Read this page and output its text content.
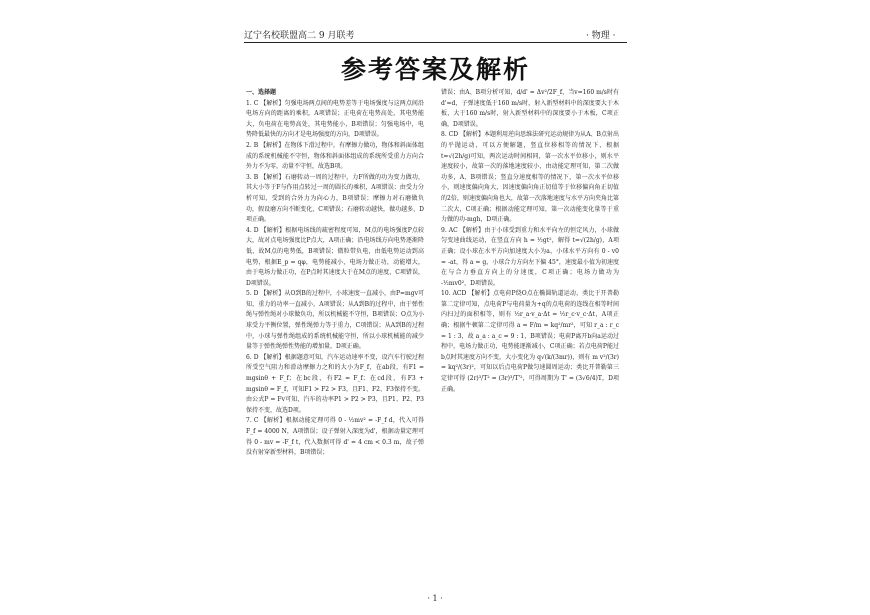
辽宁名校联盟高二 9 月联考	· 物理 ·
参考答案及解析

一、选择题

1. C 【解析】匀强电场两点间的电势差等于电场强度与这两点间沿电场方向的距离的乘积，A项错误；正电荷在电势高处，其电势能大，负电荷在电势高处，其电势能小，B项错误；匀强电场中，电势降低最快的方向才是电场强度的方向，D项错误。

2. B 【解析】在物体下滑过程中，有摩擦力做功，物体和斜面体组成的系统机械能不守恒，物体和斜面体组成的系统所受重力方向合外力不为零，动量不守恒，故选B项。

3. B 【解析】石磨转动一周的过程中，力F所做的功为变力做功，其大小等于F与作用点转过一周的圆长的乘积，A项错误；由受力分析可知，受到的合外力为向心力，B项错误；摩擦力对石磨做负功，假设磨方向不断变化，C项错误；石磨转动越快，做功越多，D项正确。

4. D 【解析】根据电场线的疏密程度可知，M点的电场强度P点较大，故对点电场强度比P点大，A项正确；沿电场线方向电势逐渐降低，故M点的电势低，B项错误；微粒带负电，由低电势运动到高电势，根据E_p = qφ，电势能减小，电场力做正功，动能增大，由于电场力做正功，在P点时其速度大于在M点的速度，C项错误，D项错误。

5. D 【解析】从O到B的过程中，小球速度一直减小，由P=mgv可知，重力的功率一直减小，A项错误；从A到B的过程中，由于弹性绳与弹性绳对小球做负功，所以机械能不守恒，B项错误；O点为小球受力平衡位置，弹性绳弹力等于重力，C项错误；从A到B的过程中，小球与弹性绳组成的系统机械能守恒，所以小球机械能的减少量等于弹性绳弹性势能的增加量，D项正确。

6. D 【解析】根据题意可知，汽车运动速率不变，设汽车行驶过程所受空气阻力和滑动摩擦力之和的大小为F_f，在ab段，有F1 = mgsinθ + F_f；在bc段，有F2 = F_f；在cd段，有F3 + mgsinθ = F_f，可知F1 > F2 > F3，且F1、F2、F3保持不变。由公式P = Fv可知，汽车的功率P1 > P2 > P3，且P1、P2、P3保持不变，故选D项。

7. C 【解析】根据动能定理可得 0 - ½mv² = -F_f d，代入可得 F_f = 4000 N，A项错误；设子弹射入深度为d'，根据动量定理可得 0 - mv = -F_f t，代入数据可得 d' = 4 cm < 0.3 m，故子弹没有射穿新型材料，B项错误；

错误；由A、B项分析可知，d/d' = Δv²/2F_f，当v=160 m/s时有d'=d，子弹速度低于160 m/s时，射入新型材料中的深度要大于木板，大于160 m/s时，射入新型材料中的深度要小于木板，C项正确，D项错误。

8. CD 【解析】本题利用逆向思维法研究运动规律为从A、B点射出的平抛运动，可以方便解题，竖直位移相等的情况下，根据t=√(2h/g)可知，两次运动时间相同，第一次水平位移小，则水平速度较小，故第一次的落地速度较小，由动能定理可知，第二次做功多，A、B项错误；竖直分速度相等的情况下，第一次水平位移小，则速度偏向角大，因速度偏向角正切值等于位移偏向角正切值的2倍，则速度偏向角也大，故第一次落地速度与水平方向夹角比第二次大，C项正确；根据动能定理可知，第一次动能变化量等于重力做的功-mgh，D项正确。

9. AC 【解析】由于小球受到重力和水平向左的恒定风力，小球做匀变速曲线运动，在竖直方向 h = ½gt²，解得 t=√(2h/g)，A项正确；设小球在水平方向加速度大小为a，小球水平方向有 0 - v0 = -at，得 a = g，小球合力方向左下偏 45°，速度最小值为初速度在与合力垂直方向上的分速度，C项正确；电场力做功为 -½mv0²，D项错误。

10. ACD 【解析】点电荷P绕O点在椭圆轨道运动，类比于开普勒第二定律可知，点电荷P与电荷量为+q的点电荷的连线在相等时间内扫过的面积相等，则有 ½r_a·v_a·Δt = ½r_c·v_c·Δt，A项正确；根据牛顿第二定律可得 a = F/m = kq²/mr²，可知 r_a : r_c = 1 : 3，故 a_a : a_c = 9 : 1，B项错误；电荷P离开b向a运动过程中，电场力做正功，电势能逐渐减小，C项正确；若点电荷P能过b点时其速度方向不变，大小变化为 q√(k/(3mr))，则有 m v²/(3r) = kq²/(3r)²，可知以后点电荷P做匀速圆周运动；类比开普勒第三定律可得 (2r)³/T² = (3r)³/T'²，可得周期为 T' = (3√6/4)T，D项正确。

· 1 ·
